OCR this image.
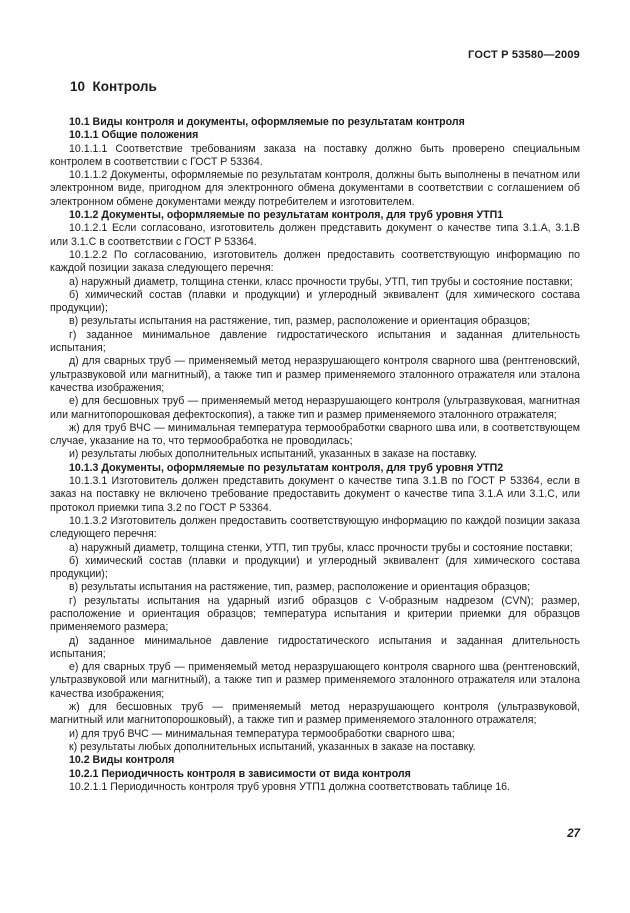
ГОСТ Р 53580—2009
10  Контроль

10.1 Виды контроля и документы, оформляемые по результатам контроля

10.1.1 Общие положения

10.1.1.1 Соответствие требованиям заказа на поставку должно быть проверено специальным контролем в соответствии с ГОСТ Р 53364.

10.1.1.2 Документы, оформляемые по результатам контроля, должны быть выполнены в печатном или электронном виде, пригодном для электронного обмена документами в соответствии с соглашением об электронном обмене документами между потребителем и изготовителем.

10.1.2 Документы, оформляемые по результатам контроля, для труб уровня УТП1

10.1.2.1 Если согласовано, изготовитель должен представить документ о качестве типа 3.1.А, 3.1.В или 3.1.С в соответствии с ГОСТ Р 53364.

10.1.2.2 По согласованию, изготовитель должен предоставить соответствующую информацию по каждой позиции заказа следующего перечня:

а) наружный диаметр, толщина стенки, класс прочности трубы, УТП, тип трубы и состояние поставки;

б) химический состав (плавки и продукции) и углеродный эквивалент (для химического состава продукции);

в) результаты испытания на растяжение, тип, размер, расположение и ориентация образцов;

г) заданное минимальное давление гидростатического испытания и заданная длительность испытания;

д) для сварных труб — применяемый метод неразрушающего контроля сварного шва (рентгеновский, ультразвуковой или магнитный), а также тип и размер применяемого эталонного отражателя или эталона качества изображения;

е) для бесшовных труб — применяемый метод неразрушающего контроля (ультразвуковая, магнитная или магнитопорошковая дефектоскопия), а также тип и размер применяемого эталонного отражателя;

ж) для труб ВЧС — минимальная температура термообработки сварного шва или, в соответствующем случае, указание на то, что термообработка не проводилась;

и) результаты любых дополнительных испытаний, указанных в заказе на поставку.

10.1.3 Документы, оформляемые по результатам контроля, для труб уровня УТП2

10.1.3.1 Изготовитель должен представить документ о качестве типа 3.1.В по ГОСТ Р 53364, если в заказ на поставку не включено требование предоставить документ о качестве типа 3.1.А или 3.1.С, или протокол приемки типа 3.2 по ГОСТ Р 53364.

10.1.3.2 Изготовитель должен предоставить соответствующую информацию по каждой позиции заказа следующего перечня:

а) наружный диаметр, толщина стенки, УТП, тип трубы, класс прочности трубы и состояние поставки;

б) химический состав (плавки и продукции) и углеродный эквивалент (для химического состава продукции);

в) результаты испытания на растяжение, тип, размер, расположение и ориентация образцов;

г) результаты испытания на ударный изгиб образцов с V-образным надрезом (CVN); размер, расположение и ориентация образцов; температура испытания и критерии приемки для образцов применяемого размера;

д) заданное минимальное давление гидростатического испытания и заданная длительность испытания;

е) для сварных труб — применяемый метод неразрушающего контроля сварного шва (рентгеновский, ультразвуковой или магнитный), а также тип и размер применяемого эталонного отражателя или эталона качества изображения;

ж) для бесшовных труб — применяемый метод неразрушающего контроля (ультразвуковой, магнитный или магнитопорошковый), а также тип и размер применяемого эталонного отражателя;

и) для труб ВЧС — минимальная температура термообработки сварного шва;

к) результаты любых дополнительных испытаний, указанных в заказе на поставку.

10.2 Виды контроля

10.2.1 Периодичность контроля в зависимости от вида контроля

10.2.1.1 Периодичность контроля труб уровня УТП1 должна соответствовать таблице 16.

27
